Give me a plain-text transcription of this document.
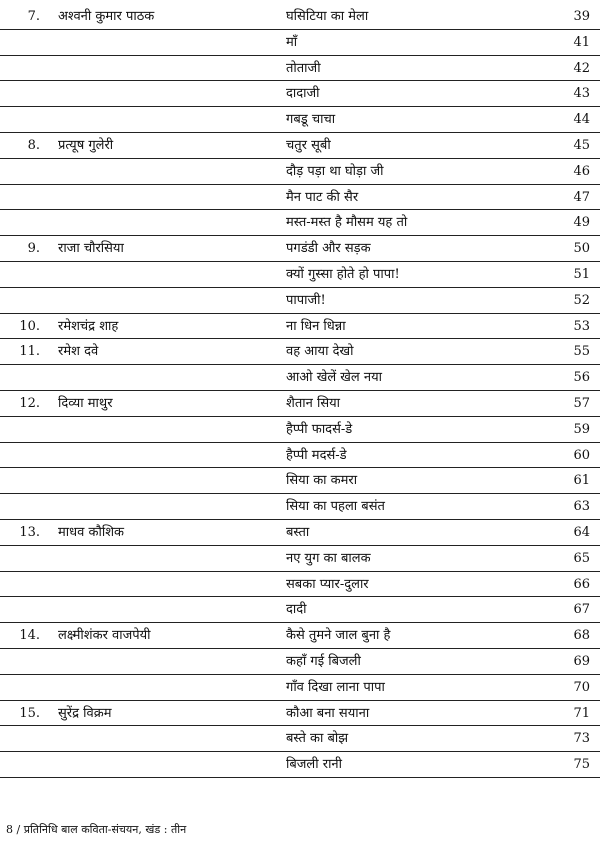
7. अश्वनी कुमार पाठक	घसिटिया का मेला	39
माँ	41
तोताजी	42
दादाजी	43
गबडू चाचा	44
8. प्रत्यूष गुलेरी	चतुर सूबी	45
दौड़ पड़ा था घोड़ा जी	46
मैन पाट की सैर	47
मस्त-मस्त है मौसम यह तो	49
9. राजा चौरसिया	पगडंडी और सड़क	50
क्यों गुस्सा होते हो पापा!	51
पापाजी!	52
10. रमेशचंद्र शाह	ना धिन धिन्ना	53
11. रमेश दवे	वह आया देखो	55
आओ खेलें खेल नया	56
12. दिव्या माथुर	शैतान सिया	57
हैप्पी फादर्स-डे	59
हैप्पी मदर्स-डे	60
सिया का कमरा	61
सिया का पहला बसंत	63
13. माधव कौशिक	बस्ता	64
नए युग का बालक	65
सबका प्यार-दुलार	66
दादी	67
14. लक्ष्मीशंकर वाजपेयी	कैसे तुमने जाल बुना है	68
कहाँ गई बिजली	69
गाँव दिखा लाना पापा	70
15. सुरेंद्र विक्रम	कौआ बना सयाना	71
बस्ते का बोझ	73
बिजली रानी	75
8 / प्रतिनिधि बाल कविता-संचयन, खंड : तीन
